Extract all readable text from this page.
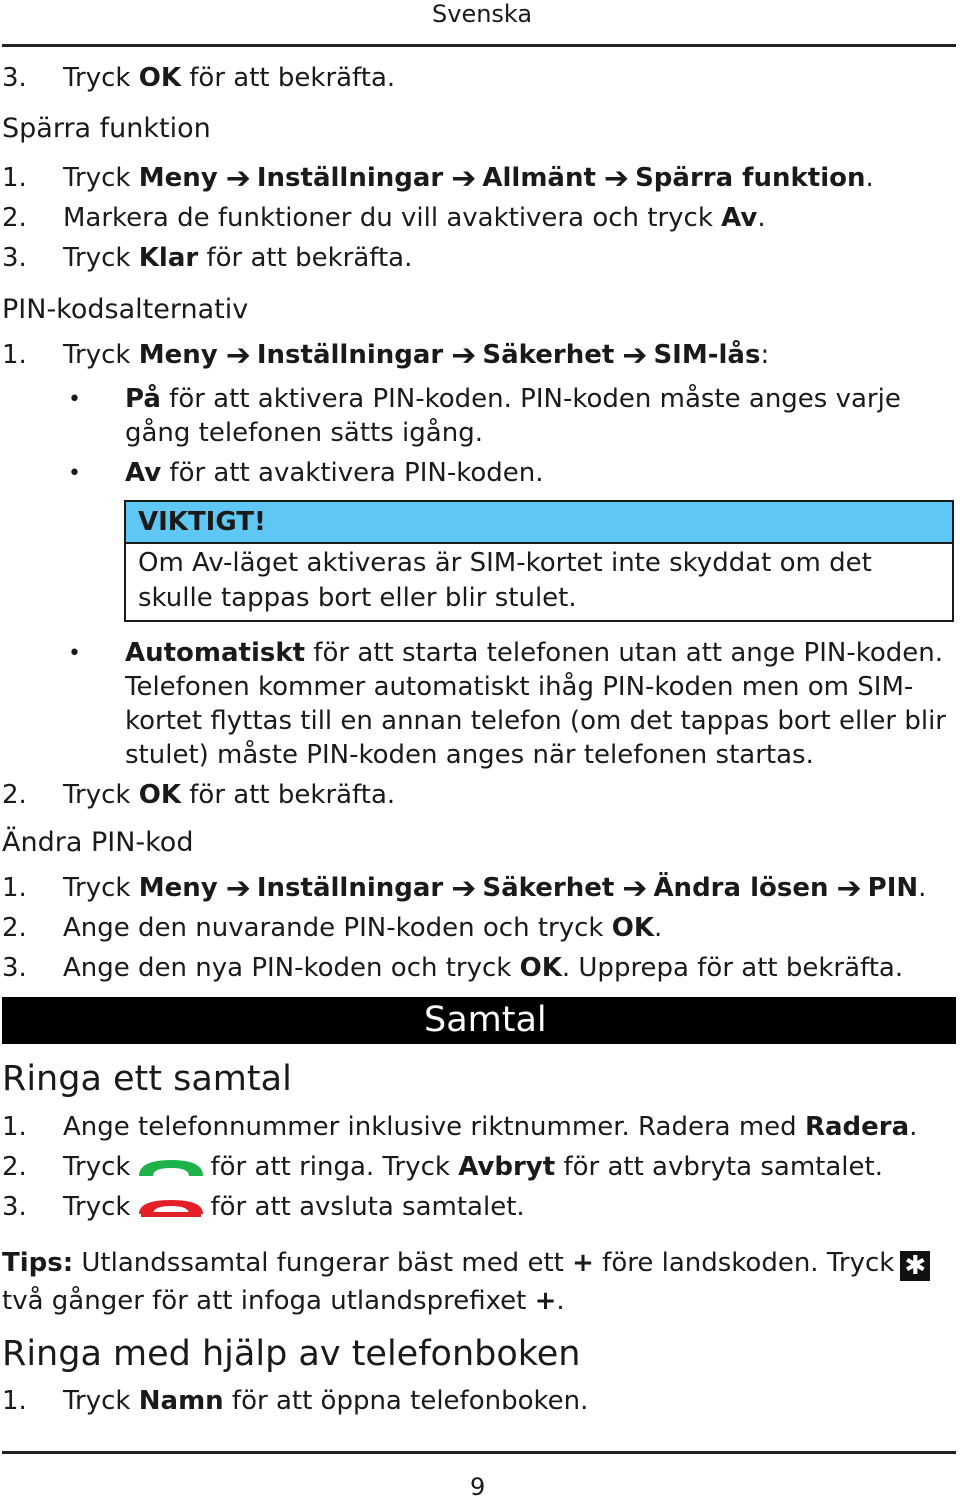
Svenska
3. Tryck OK för att bekräfta.
Spärra funktion
1. Tryck Meny ➔ Inställningar ➔ Allmänt ➔ Spärra funktion.
2. Markera de funktioner du vill avaktivera och tryck Av.
3. Tryck Klar för att bekräfta.
PIN-kodsalternativ
1. Tryck Meny ➔ Inställningar ➔ Säkerhet ➔ SIM-lås:
• På för att aktivera PIN-koden. PIN-koden måste anges varje
gång telefonen sätts igång.
• Av för att avaktivera PIN-koden.
VIKTIGT!
Om Av-läget aktiveras är SIM-kortet inte skyddat om det
skulle tappas bort eller blir stulet.
• Automatiskt för att starta telefonen utan att ange PIN-koden.
Telefonen kommer automatiskt ihåg PIN-koden men om SIM-
kortet flyttas till en annan telefon (om det tappas bort eller blir
stulet) måste PIN-koden anges när telefonen startas.
2. Tryck OK för att bekräfta.
Ändra PIN-kod
1. Tryck Meny ➔ Inställningar ➔ Säkerhet ➔ Ändra lösen ➔ PIN.
2. Ange den nuvarande PIN-koden och tryck OK.
3. Ange den nya PIN-koden och tryck OK. Upprepa för att bekräfta.
Samtal
Ringa ett samtal
1. Ange telefonnummer inklusive riktnummer. Radera med Radera.
2. Tryck	för att ringa. Tryck Avbryt för att avbryta samtalet.
3. Tryck	för att avsluta samtalet.
Tips: Utlandssamtal fungerar bäst med ett + före landskoden. Tryck ✱
två gånger för att infoga utlandsprefixet +.
Ringa med hjälp av telefonboken
1. Tryck Namn för att öppna telefonboken.
9
